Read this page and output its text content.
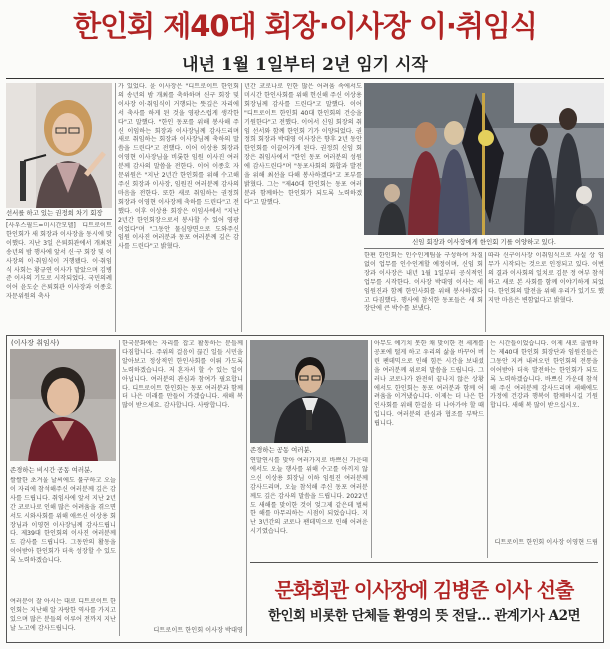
한인회 제40대 회장·이사장 이·취임식
내년 1월 1일부터 2년 임기 시작
선서를 하고 있는 권정희 차기 회장
[사우스필드=미시간모델] 디트로이트 한인회가 새 회장과 이사장을 동시에 맞이했다. 지난 3일 은퇴회관에서 개최된 송년의 밤 행사에 앞서 신·구 회장 및 이사장의 이·취임식이 거행됐다. 이·취임식 사회는 황규연 이사가 맡았으며 김병준 이사의 기도로 시작되었다. 국민의례 이어 윤도순 은퇴회관 이사장과 이종호 자문위원의 축사
가 있었다. 윤 이사장은 "디트로이트 한인회의 송년의 밤 개최를 축하하며 신구 회장 및 이사장 이·취임식이 거행되는 뜻깊은 자리에서 축사를 하게 된 것을 영광스럽게 생각한다"고 말했다. "한인 동포를 위해 봉사해 주신 이임하는 회장과 이사장님께 감사드리며 새로 취임하는 회장과 이사장님께 축하의 말씀을 드린다"고 전했다. 이어 이상용 회장과 이영현 이사장님을 비롯한 임원 이사진 여러분께 감사의 말씀을 전한다. 이어 이종호 자문위원은 "지난 2년간 한인회를 위해 수고해 주신 회장과 이사장, 임원진 여러분께 감사의 마음을 전한다. 또한 새로 취임하는 권정희 회장과 이영현 이사장께 축하를 드린다"고 전했다. 이후 이상용 회장은 이임사에서 "지난 2년간 한인회장으로서 봉사할 수 있어 영광이었다"며 "그동안 물심양면으로 도와주신 임원 이사진 여러분과 동포 여러분께 깊은 감사를 드린다"고 밝혔다.
년간 코로나로 인한 많은 어려움 속에서도 미시간 한인사회를 위해 헌신해 주신 이상용 회장님께 감사를 드린다"고 말했다. 이어 "디트로이트 한인회 40대 한인회의 건승을 기원한다"고 전했다. 이어서 신임 회장의 취임 선서와 함께 한인회 기가 이양되었다. 권정희 회장과 박대영 이사장은 향후 2년 동안 한인회를 이끌어가게 된다. 권정희 신임 회장은 취임사에서 "한인 동포 여러분의 성원에 감사드린다"며 "동포사회의 화합과 발전을 위해 최선을 다해 봉사하겠다"고 포부를 밝혔다. 그는 "제40대 한인회는 동포 여러분과 함께하는 한인회가 되도록 노력하겠다"고 말했다.
신임 회장과 이사장에게 한인회 기를 이양하고 있다.
한편 한인회는 인수인계팀을 구성하여 차질 없이 업무를 인수인계할 예정이며, 신임 회장과 이사장은 내년 1월 1일부터 공식적인 업무를 시작한다. 이사장 박대영 이사는 새 임원진과 함께 한인사회를 위해 봉사하겠다고 다짐했다. 행사에 참석한 동포들은 새 회장단에 큰 박수를 보냈다.
따라 신구이사장 이취임식으로 사실 상 임무가 시작되는 것으로 인정되고 있다. 이번의 결과 이사회의 일치로 김문 정 여부 참석하고 새로 본 사회를 함께 이야기하게 되었다. 한인회의 발전을 위해 우리가 있기도 했지만 마음은 변함없다고 밝혔다.
(이사장 취임사)
존경하는 비시간 공동 여러분,
쌀쌀한 초겨울 날씨에도 불구하고 오늘 이 자리에 참석해주신 여러분께 깊은 감사를 드립니다. 취임사에 앞서 지난 2년간 코로나로 인해 많은 어려움을 겪으면서도 시와사회를 위해 애쓰신 이상용 회장님과 이영현 이사장님께 감사드립니다. 제39대 한인회의 이사진 여러분께도 감사를 드립니다. 그동안의 활동을 이어받아 한인회가 더욱 성장할 수 있도록 노력하겠습니다.
여러분이 잘 아시는 대로 디트로이트 한인회는 지난해 알 자랑한 역사를 가지고 있으며 많은 분들의 이루어 전까지 지난 날 노고에 감사드립니다.
한국문화에는 자리를 잡고 활동하는 분들께 다짐합니다. 주위의 걸음이 끊긴 일들 시민을 알아보고 정상적인 한인사회를 이뤄 가도록 노력하겠습니다. 저 혼자서 할 수 있는 일이 아닙니다. 여러분의 관심과 참여가 필요합니다. 디트로이트 한인회는 동포 여러분과 함께 더 나은 미래를 만들어 가겠습니다. 새해 복 많이 받으세요. 감사합니다. 사랑합니다.
디트로이트 한인회 이사장 박대영
존경하는 공동 여러분,
연말연시를 맞아 여러가지로 바쁘신 가운데에서도 오늘 행사를 위해 수고를 아끼지 않으신 이상용 회장님 이하 임원진 여러분께 감사드리며, 오늘 참석해 주신 동포 여러분께도 깊은 감사의 말씀을 드립니다. 2022년도 새해를 맞이한 것이 엊그제 같은데 벌써 한 해를 마무리하는 시점이 되었습니다. 지난 3년간의 코로나 팬데믹으로 인해 어려운 시기였습니다.
아무도 예기치 못한 채 맞이한 전 세계를 공포에 떨게 하고 우리의 삶을 바꾸어 버린 팬데믹으로 인해 힘든 시간을 보내셨을 여러분께 위로의 말씀을 드립니다. 그러나 코로나가 완전히 끝나지 않은 상황에서도 한인회는 동포 여러분과 함께 어려움을 이겨냈습니다. 이제는 더 나은 한인사회를 위해 한걸음 더 나아가야 할 때입니다. 여러분의 관심과 협조를 부탁드립니다.
는 시간들이었습니다. 이제 새로 출범하는 제40대 한인회 회장단과 임원진들은 그동안 지켜 내려오던 한인회의 전통을 이어받아 더욱 발전하는 한인회가 되도록 노력하겠습니다. 바쁘신 가운데 참석해 주신 여러분께 감사드리며 새해에도 가정에 건강과 행복이 함께하시길 기원합니다. 새해 복 많이 받으십시오.
디트로이트 한인회 이사장 이영현 드림
문화회관 이사장에 김병준 이사 선출
한인회 비롯한 단체들 환영의 뜻 전달… 관계기사 A2면
